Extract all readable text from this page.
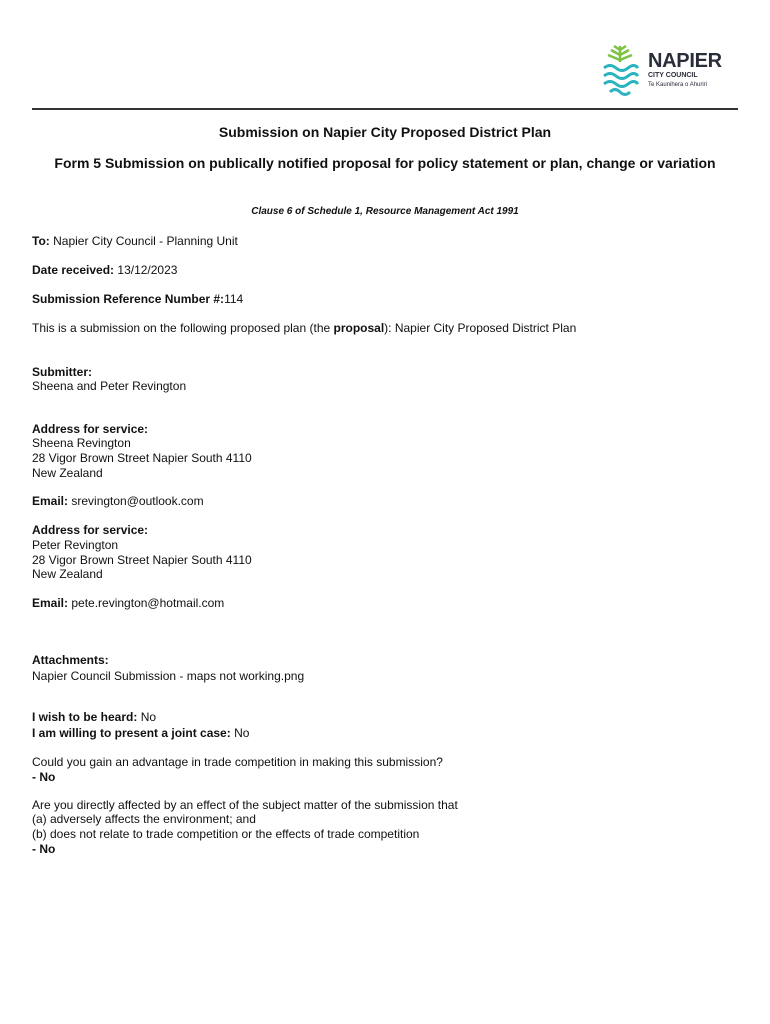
NAPIER
CITY COUNCIL
Te Kaunihera o Ahuriri
Submission on Napier City Proposed District Plan
Form 5 Submission on publically notified proposal for policy statement or plan, change or variation
Clause 6 of Schedule 1, Resource Management Act 1991
To: Napier City Council - Planning Unit
Date received: 13/12/2023
Submission Reference Number #:114
This is a submission on the following proposed plan (the proposal): Napier City Proposed District Plan
Submitter:
Sheena and Peter Revington
Address for service:
Sheena Revington
28 Vigor Brown Street Napier South 4110
New Zealand
Email: srevington@outlook.com
Address for service:
Peter Revington
28 Vigor Brown Street Napier South 4110
New Zealand
Email: pete.revington@hotmail.com
Attachments:
Napier Council Submission - maps not working.png
I wish to be heard: No
I am willing to present a joint case: No
Could you gain an advantage in trade competition in making this submission?
- No
Are you directly affected by an effect of the subject matter of the submission that
(a) adversely affects the environment; and
(b) does not relate to trade competition or the effects of trade competition
- No
